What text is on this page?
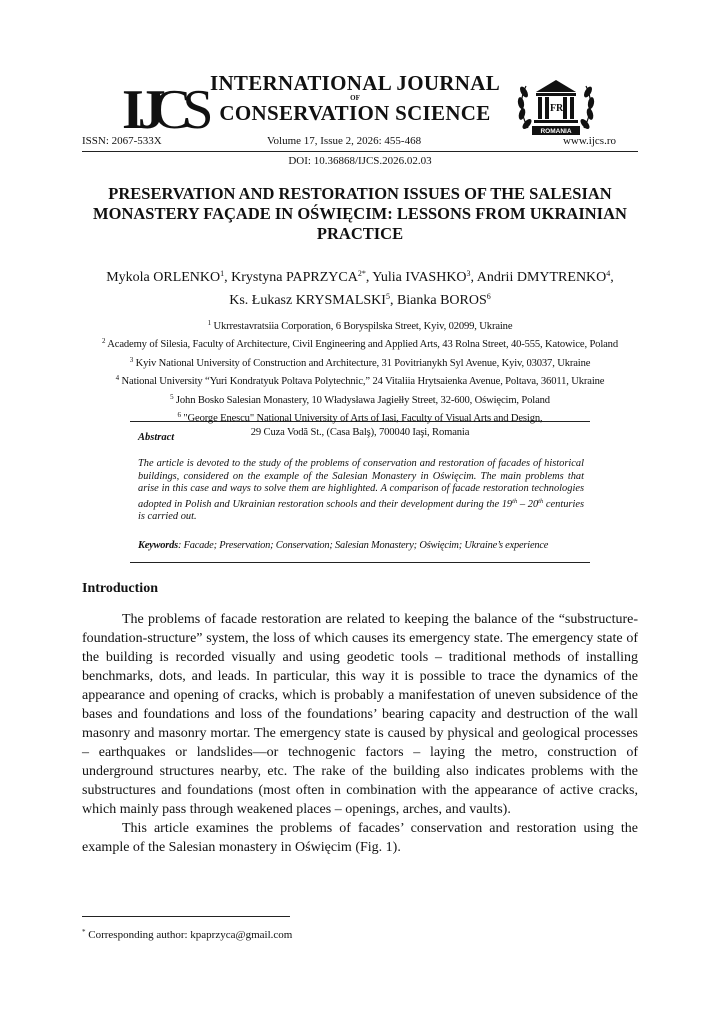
IJ
CS INTERNATIONAL JOURNAL
OF
CONSERVATION SCIENCE	F R
ROMANIA
ISSN: 2067-533X	Volume 17, Issue 2, 2026: 455-468	www.ijcs.ro
DOI: 10.36868/IJCS.2026.02.03
PRESERVATION AND RESTORATION ISSUES OF THE SALESIAN MONASTERY FAÇADE IN OŚWIĘCIM: LESSONS FROM UKRAINIAN PRACTICE
Mykola ORLENKO$^1$, Krystyna $PAPRZYCA^{2*}$, Yulia IVASHKO$^3$, Andrii DMYTRENKO$^4$,
Ks. Łukasz KRYSMALSKI$^5$, Bianka BOROS$^6$
$^1$ Ukrrestavratsiia Corporation, 6 Boryspilska Street, Kyiv, 02099, Ukraine
$^2$ Academy of Silesia, Faculty of Architecture, Civil Engineering and Applied Arts, 43 Rolna Street, 40-555, Katowice, Poland
$^3$ Kyiv National University of Construction and Architecture, 31 Povitrianykh Syl Avenue, Kyiv, 03037, Ukraine
$^4$ National University “Yuri Kondratyuk Poltava Polytechnic,” 24 Vitaliia Hrytsaienka Avenue, Poltava, 36011, Ukraine
$^5$ John Bosko Salesian Monastery, 10 Władysława Jagiełły Street, 32-600, Oświęcim, Poland
$^6$ "George Enescu" National University of Arts of Iasi, Faculty of Visual Arts and Design,
29 Cuza Vodă St., (Casa Balş), 700040 Iaşi, Romania
Abstract
The article is devoted to the study of the problems of conservation and restoration of facades of historical buildings, considered on the example of the Salesian Monastery in Oświęcim. The main problems that arise in this case and ways to solve them are highlighted. A comparison of facade restoration technologies adopted in Polish and Ukrainian restoration schools and their development during the 19th – 20th centuries is carried out.
Keywords: Facade; Preservation; Conservation; Salesian Monastery; Oświęcim; Ukraine’s experience
Introduction

The problems of facade restoration are related to keeping the balance of the “substructure-foundation-structure” system, the loss of which causes its emergency state. The emergency state of the building is recorded visually and using geodetic tools – traditional methods of installing benchmarks, dots, and leads. In particular, this way it is possible to trace the dynamics of the appearance and opening of cracks, which is probably a manifestation of uneven subsidence of the bases and foundations and loss of the foundations’ bearing capacity and destruction of the wall masonry and masonry mortar. The emergency state is caused by physical and geological processes – earthquakes or landslides—or technogenic factors – laying the metro, construction of underground structures nearby, etc. The rake of the building also indicates problems with the substructures and foundations (most often in combination with the appearance of active cracks, which mainly pass through weakened places – openings, arches, and vaults).

This article examines the problems of facades’ conservation and restoration using the example of the Salesian monastery in Oświęcim (Fig. 1).

* Corresponding author: kpaprzyca@gmail.com
